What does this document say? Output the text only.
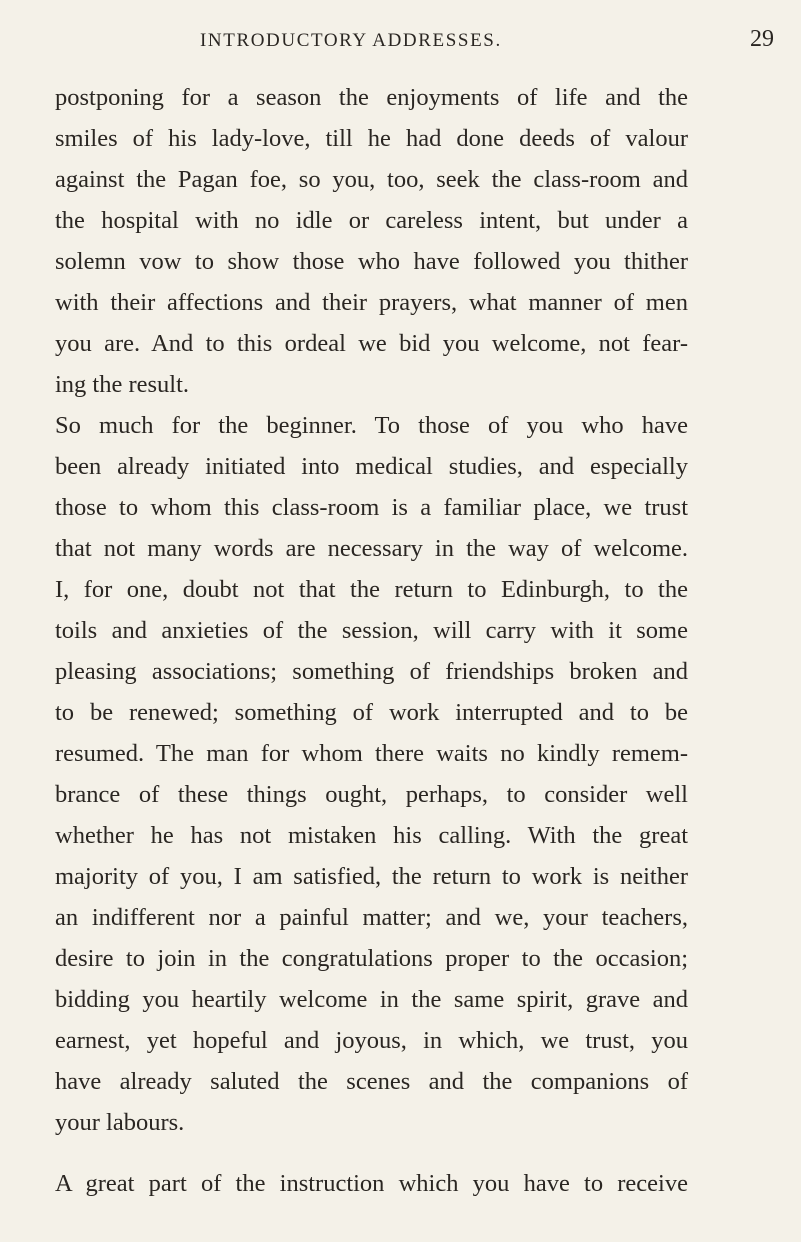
INTRODUCTORY ADDRESSES.	29
postponing for a season the enjoyments of life and the
smiles of his lady-love, till he had done deeds of valour
against the Pagan foe, so you, too, seek the class-room and
the hospital with no idle or careless intent, but under a
solemn vow to show those who have followed you thither
with their affections and their prayers, what manner of men
you are. And to this ordeal we bid you welcome, not fear-
ing the result.
So much for the beginner. To those of you who have
been already initiated into medical studies, and especially
those to whom this class-room is a familiar place, we trust
that not many words are necessary in the way of welcome.
I, for one, doubt not that the return to Edinburgh, to the
toils and anxieties of the session, will carry with it some
pleasing associations; something of friendships broken and
to be renewed; something of work interrupted and to be
resumed. The man for whom there waits no kindly remem-
brance of these things ought, perhaps, to consider well
whether he has not mistaken his calling. With the great
majority of you, I am satisfied, the return to work is neither
an indifferent nor a painful matter; and we, your teachers,
desire to join in the congratulations proper to the occasion;
bidding you heartily welcome in the same spirit, grave and
earnest, yet hopeful and joyous, in which, we trust, you
have already saluted the scenes and the companions of
your labours.
A great part of the instruction which you have to receive
